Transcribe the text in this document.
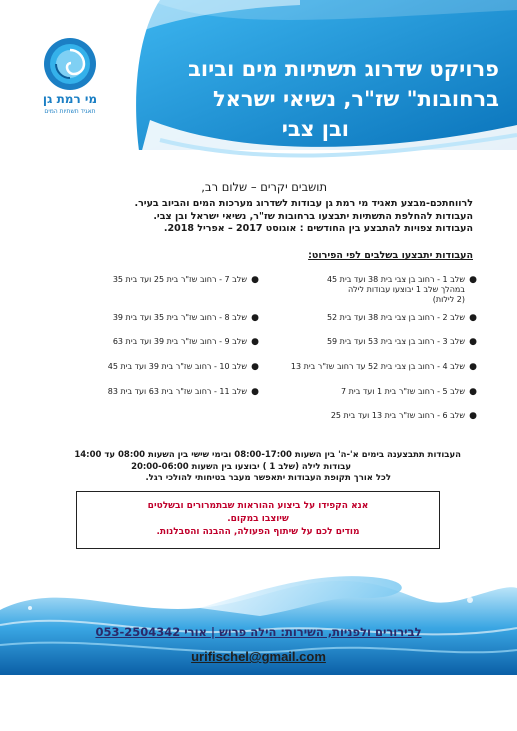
מי רמת גן
תאגיד תשתיות המים
פרויקט שדרוג תשתיות מים וביוב
ברחובות" שז"ר, נשיאי ישראל
ובן צבי
תושבים יקרים – שלום רב,
לרווחתכם-מבצע תאגיד מי רמת גן עבודות לשדרוג מערכות המים והביוב בעיר.
העבודות להחלפת התשתיות יתבצעו ברחובות שז"ר, נשיאי ישראל ובן צבי.
העבודות צפויות להתבצע בין החודשים : אוגוסט 2017 – אפריל 2018.
העבודות יתבצעו בשלבים לפי הפירוט:
●
שלב 1 - רחוב בן צבי בית 38 ועד בית 45
במהלך שלב 1 יבוצעו עבודות לילה
(2 לילות)
●
שלב 2 - רחוב בן צבי בית 38 ועד בית 52
●
שלב 3 - רחוב בן צבי בית 53 ועד בית 59
●
שלב 4 - רחוב בן צבי בית 52 עד רחוב שז"ר בית 13
●
שלב 5 - רחוב שז"ר בית 1 ועד בית 7
●
שלב 6 - רחוב שז"ר בית 13 ועד בית 25
●
שלב 7 - רחוב שז"ר בית 25 ועד בית 35
●
שלב 8 - רחוב שז"ר בית 35 ועד בית 39
●
שלב 9 - רחוב שז"ר בית 39 ועד בית 63
●
שלב 10 - רחוב שז"ר בית 39 ועד בית 45
●
שלב 11 - רחוב שז"ר בית 63 ועד בית 83
העבודות תתבצענה בימים א'-ה' בין השעות 08:00-17:00 ובימי שישי בין השעות 08:00 עד 14:00
עבודות לילה (שלב 1 ) יבוצעו בין השעות 20:00-06:00
לכל אורך תקופת העבודות יתאפשר מעבר בטיחותי להולכי רגל.
אנא הקפידו על ביצוע ההוראות שבתמרורים ובשלטים
שיוצבו במקום.
מודים לכם על שיתוף הפעולה, ההבנה והסבלנות.
לבירורים ולפניות, השירות: הילה פרוש | אורי 053-2504342
urifischel@gmail.com
